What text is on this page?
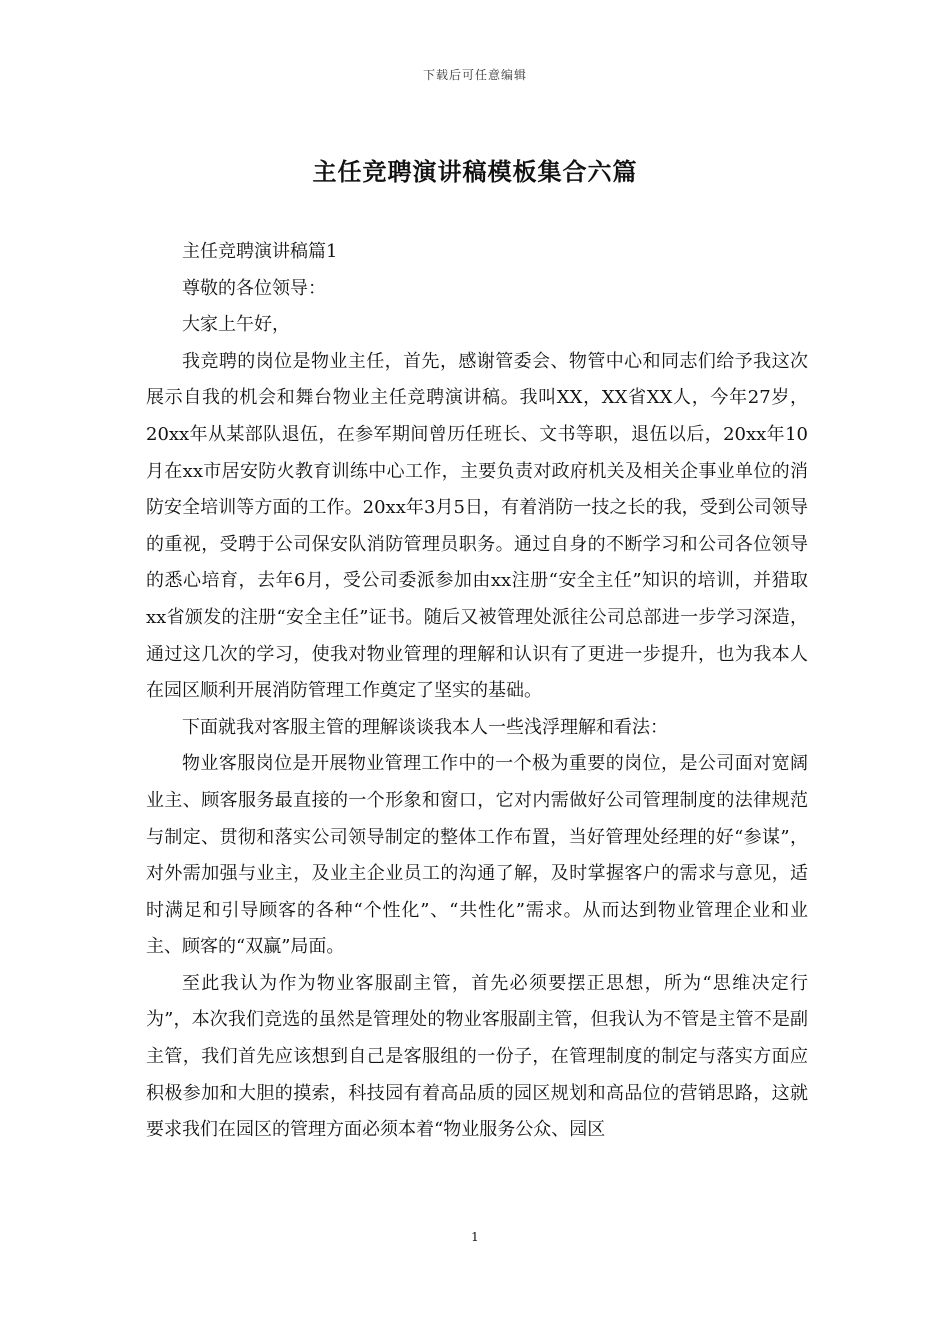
下载后可任意编辑
主任竞聘演讲稿模板集合六篇

主任竞聘演讲稿篇1

尊敬的各位领导：

大家上午好，

我竞聘的岗位是物业主任，首先，感谢管委会、物管中心和同志们给予我这次展示自我的机会和舞台物业主任竞聘演讲稿。我叫XX，XX省XX人，今年27岁，20xx年从某部队退伍，在参军期间曾历任班长、文书等职，退伍以后，20xx年10月在xx市居安防火教育训练中心工作，主要负责对政府机关及相关企事业单位的消防安全培训等方面的工作。20xx年3月5日，有着消防一技之长的我，受到公司领导的重视，受聘于公司保安队消防管理员职务。通过自身的不断学习和公司各位领导的悉心培育，去年6月，受公司委派参加由xx注册“安全主任”知识的培训，并猎取xx省颁发的注册“安全主任”证书。随后又被管理处派往公司总部进一步学习深造，通过这几次的学习，使我对物业管理的理解和认识有了更进一步提升，也为我本人在园区顺利开展消防管理工作奠定了坚实的基础。

下面就我对客服主管的理解谈谈我本人一些浅浮理解和看法：

物业客服岗位是开展物业管理工作中的一个极为重要的岗位，是公司面对宽阔业主、顾客服务最直接的一个形象和窗口，它对内需做好公司管理制度的法律规范与制定、贯彻和落实公司领导制定的整体工作布置，当好管理处经理的好“参谋”，对外需加强与业主，及业主企业员工的沟通了解，及时掌握客户的需求与意见，适时满足和引导顾客的各种“个性化”、“共性化”需求。从而达到物业管理企业和业主、顾客的“双赢”局面。

至此我认为作为物业客服副主管，首先必须要摆正思想，所为“思维决定行为”，本次我们竞选的虽然是管理处的物业客服副主管，但我认为不管是主管不是副主管，我们首先应该想到自己是客服组的一份子，在管理制度的制定与落实方面应积极参加和大胆的摸索，科技园有着高品质的园区规划和高品位的营销思路，这就要求我们在园区的管理方面必须本着“物业服务公众、园区

1
